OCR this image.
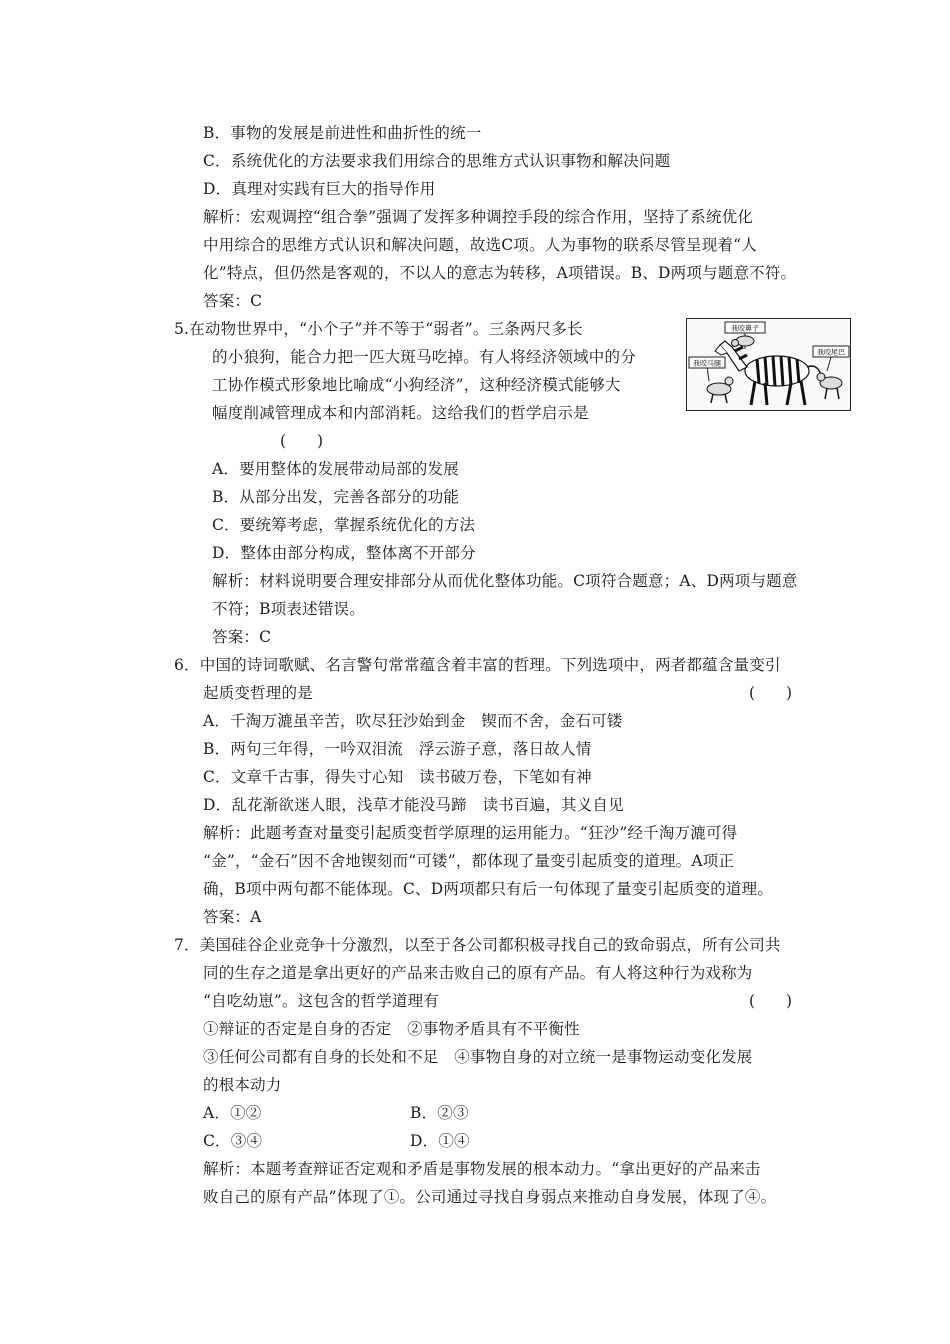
B．事物的发展是前进性和曲折性的统一
C．系统优化的方法要求我们用综合的思维方式认识事物和解决问题
D．真理对实践有巨大的指导作用
解析：宏观调控“组合拳”强调了发挥多种调控手段的综合作用，坚持了系统优化
中用综合的思维方式认识和解决问题，故选C项。人为事物的联系尽管呈现着“人
化”特点，但仍然是客观的，不以人的意志为转移，A项错误。B、D两项与题意不符。
答案：C
5.在动物世界中，“小个子”并不等于“弱者”。三条两尺多长
的小狼狗，能合力把一匹大斑马吃掉。有人将经济领域中的分
工协作模式形象地比喻成“小狗经济”，这种经济模式能够大
幅度削减管理成本和内部消耗。这给我们的哲学启示是
(　　)
我咬鼻子
我咬马腿
我咬尾巴
A．要用整体的发展带动局部的发展
B．从部分出发，完善各部分的功能
C．要统筹考虑，掌握系统优化的方法
D．整体由部分构成，整体离不开部分
解析：材料说明要合理安排部分从而优化整体功能。C项符合题意；A、D两项与题意
不符；B项表述错误。
答案：C
6．中国的诗词歌赋、名言警句常常蕴含着丰富的哲理。下列选项中，两者都蕴含量变引
起质变哲理的是	(　　)
A．千淘万漉虽辛苦，吹尽狂沙始到金　锲而不舍，金石可镂
B．两句三年得，一吟双泪流　浮云游子意，落日故人情
C．文章千古事，得失寸心知　读书破万卷，下笔如有神
D．乱花渐欲迷人眼，浅草才能没马蹄　读书百遍，其义自见
解析：此题考查对量变引起质变哲学原理的运用能力。“狂沙”经千淘万漉可得
“金”，“金石”因不舍地锲刻而“可镂”，都体现了量变引起质变的道理。A项正
确，B项中两句都不能体现。C、D两项都只有后一句体现了量变引起质变的道理。
答案：A
7．美国硅谷企业竞争十分激烈，以至于各公司都积极寻找自己的致命弱点，所有公司共
同的生存之道是拿出更好的产品来击败自己的原有产品。有人将这种行为戏称为
“自吃幼崽”。这包含的哲学道理有	(　　)
①辩证的否定是自身的否定　②事物矛盾具有不平衡性
③任何公司都有自身的长处和不足　④事物自身的对立统一是事物运动变化发展
的根本动力
A．①②	B．②③
C．③④	D．①④
解析：本题考查辩证否定观和矛盾是事物发展的根本动力。“拿出更好的产品来击
败自己的原有产品”体现了①。公司通过寻找自身弱点来推动自身发展，体现了④。
